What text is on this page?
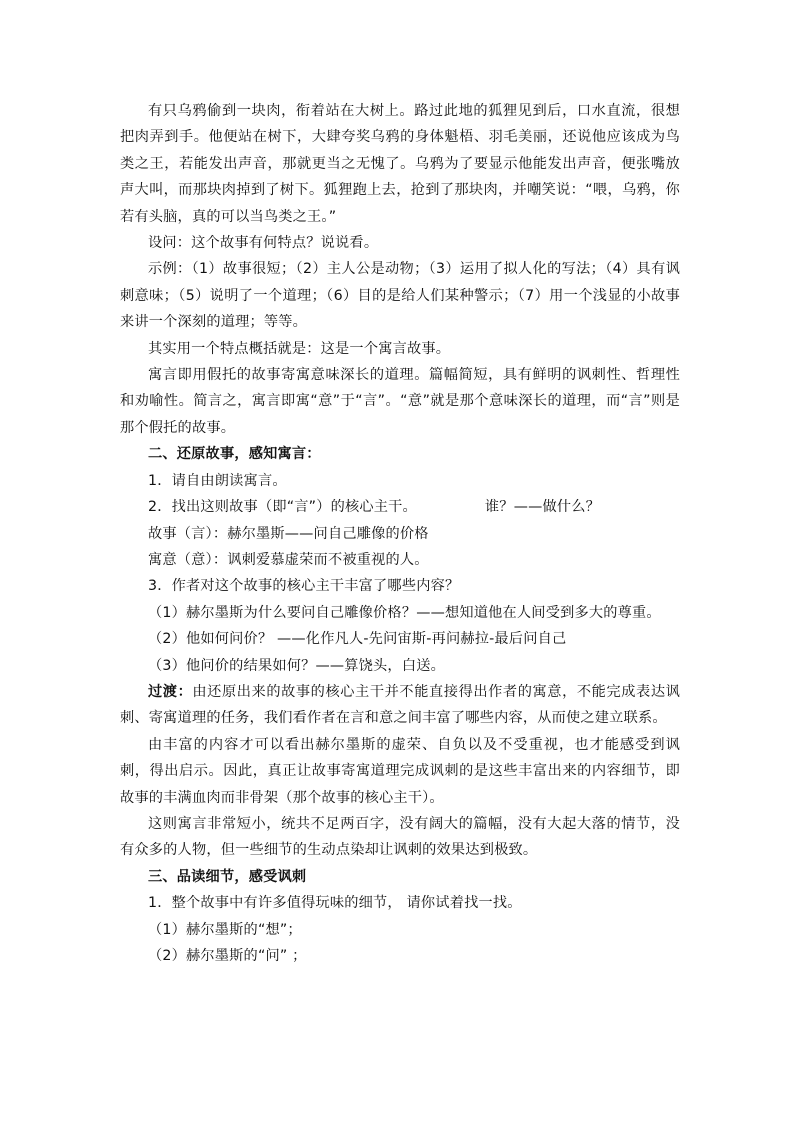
有只乌鸦偷到一块肉，衔着站在大树上。路过此地的狐狸见到后，口水直流，很想把肉弄到手。他便站在树下，大肆夸奖乌鸦的身体魁梧、羽毛美丽，还说他应该成为鸟类之王，若能发出声音，那就更当之无愧了。乌鸦为了要显示他能发出声音，便张嘴放声大叫，而那块肉掉到了树下。狐狸跑上去，抢到了那块肉，并嘲笑说：“喂，乌鸦，你若有头脑，真的可以当鸟类之王。”

设问：这个故事有何特点？说说看。

示例：（1）故事很短；（2）主人公是动物；（3）运用了拟人化的写法；（4）具有讽刺意味；（5）说明了一个道理；（6）目的是给人们某种警示；（7）用一个浅显的小故事来讲一个深刻的道理；等等。

其实用一个特点概括就是：这是一个寓言故事。

寓言即用假托的故事寄寓意味深长的道理。篇幅简短，具有鲜明的讽刺性、哲理性和劝喻性。简言之，寓言即寓“意”于“言”。“意”就是那个意味深长的道理，而“言”则是那个假托的故事。

二、还原故事，感知寓言：

1．请自由朗读寓言。

2．找出这则故事（即“言”）的核心主干。	谁？——做什么？

故事（言）：赫尔墨斯——问自己雕像的价格

寓意（意）：讽刺爱慕虚荣而不被重视的人。

3．作者对这个故事的核心主干丰富了哪些内容？

（1）赫尔墨斯为什么要问自己雕像价格？——想知道他在人间受到多大的尊重。

（2）他如何问价？ ——化作凡人-先问宙斯-再问赫拉-最后问自己

（3）他问价的结果如何？——算饶头，白送。

过渡：由还原出来的故事的核心主干并不能直接得出作者的寓意，不能完成表达讽刺、寄寓道理的任务，我们看作者在言和意之间丰富了哪些内容，从而使之建立联系。

由丰富的内容才可以看出赫尔墨斯的虚荣、自负以及不受重视，也才能感受到讽刺，得出启示。因此，真正让故事寄寓道理完成讽刺的是这些丰富出来的内容细节，即故事的丰满血肉而非骨架（那个故事的核心主干）。

这则寓言非常短小，统共不足两百字，没有阔大的篇幅，没有大起大落的情节，没有众多的人物，但一些细节的生动点染却让讽刺的效果达到极致。

三、品读细节，感受讽刺

1．整个故事中有许多值得玩味的细节， 请你试着找一找。

（1）赫尔墨斯的“想”；

（2）赫尔墨斯的“问” ；
